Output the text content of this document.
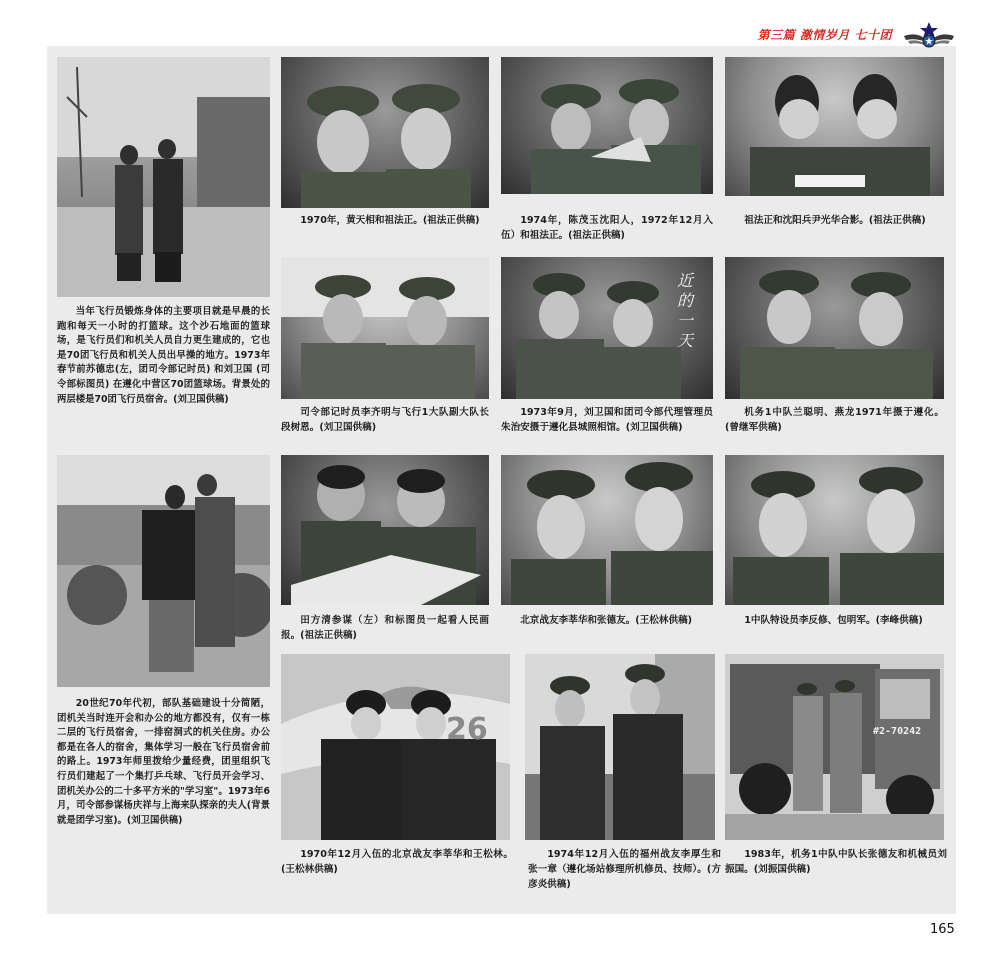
第三篇 激情岁月 七十团

当年飞行员锻炼身体的主要项目就是早晨的长跑和每天一小时的打篮球。这个沙石地面的篮球场，是飞行员们和机关人员自力更生建成的，它也是70团飞行员和机关人员出早操的地方。1973年春节前苏德忠(左，团司令部记时员) 和刘卫国 (司令部标图员) 在遵化中营区70团篮球场。背景处的两层楼是70团飞行员宿舍。(刘卫国供稿)

1970年，黄天相和祖法正。(祖法正供稿)	1974年，陈茂玉沈阳人，1972年12月入伍）和祖法正。(祖法正供稿)

祖法正和沈阳兵尹光华合影。(祖法正供稿)

司令部记时员李齐明与飞行1大队副大队长段树恩。(刘卫国供稿)

近的一天

1973年9月，刘卫国和团司令部代理管理员朱治安摄于遵化县城照相馆。(刘卫国供稿)

机务1中队兰聪明、燕龙1971年摄于遵化。(曾继军供稿)

20世纪70年代初，部队基础建设十分简陋，团机关当时连开会和办公的地方都没有，仅有一栋二层的飞行员宿舍，一排窑洞式的机关住房。办公都是在各人的宿舍，集体学习一般在飞行员宿舍前的路上。1973年师里拨给少量经费，团里组织飞行员们建起了一个集打乒乓球、飞行员开会学习、团机关办公的二十多平方米的"学习室"。1973年6月，司令部参谋杨庆祥与上海来队探亲的夫人(背景就是团学习室)。(刘卫国供稿)

田方清参谋（左）和标图员一起看人民画报。(祖法正供稿)

北京战友李莘华和张德友。(王松林供稿)	1中队特设员李反修、包明军。(李峰供稿)

26

1970年12月入伍的北京战友李莘华和王松林。(王松林供稿)

1974年12月入伍的福州战友李厚生和张一章（遵化场站修理所机修员、技师）。(方彦炎供稿)

#2-70242

1983年，机务1中队中队长张德友和机械员刘振国。(刘振国供稿)

165
